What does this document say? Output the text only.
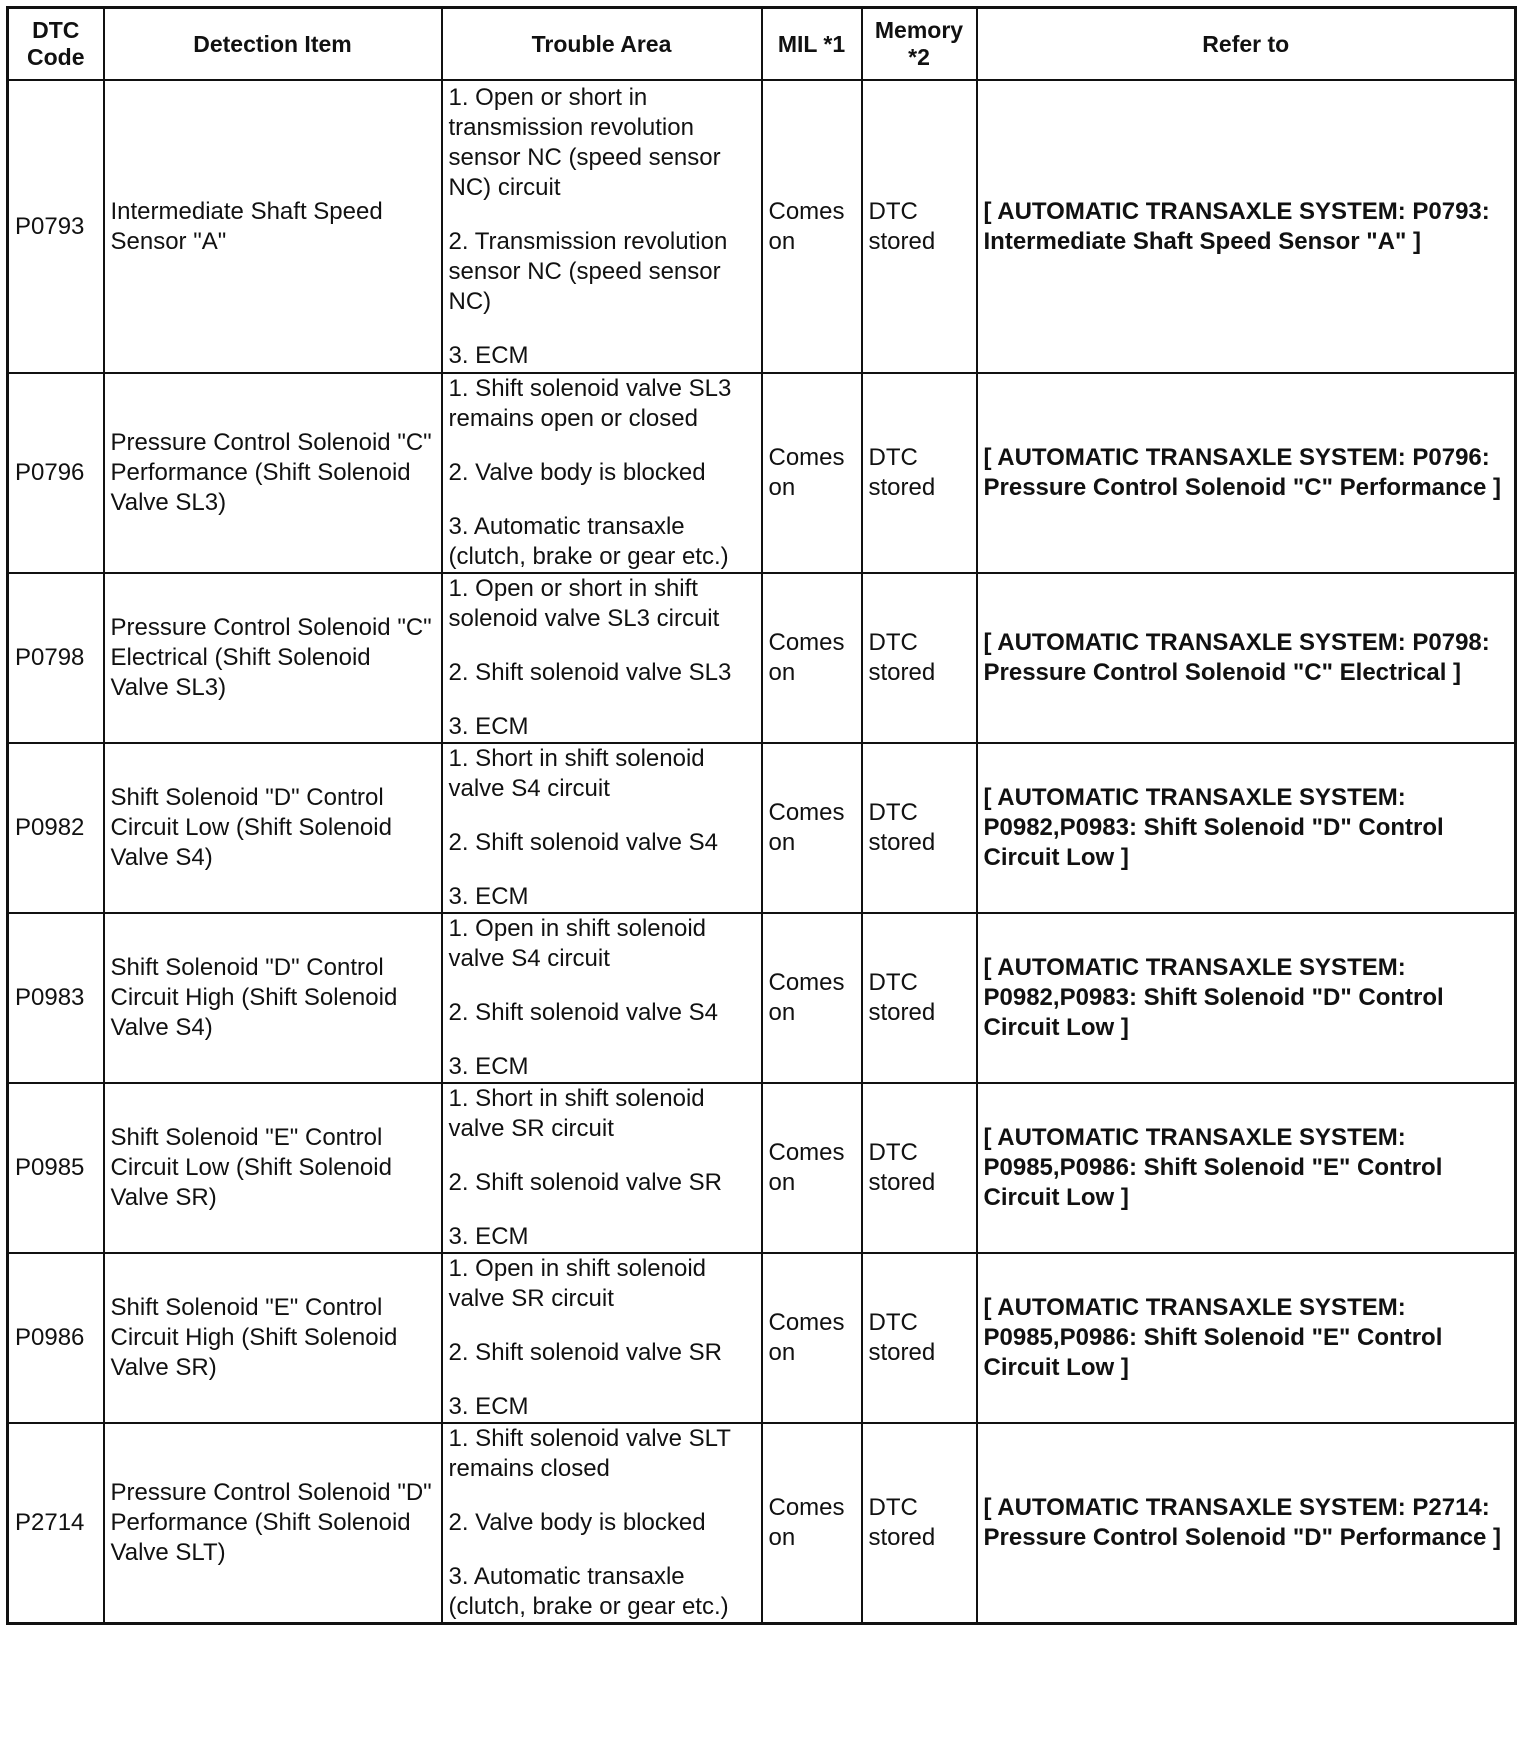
DTC Code	Detection Item	Trouble Area	MIL *1	Memory *2	Refer to
P0793	Intermediate Shaft Speed Sensor "A"	1. Open or short in transmission revolution sensor NC (speed sensor NC) circuit

2. Transmission revolution sensor NC (speed sensor NC)

3. ECM	Comes on	DTC stored	[ AUTOMATIC TRANSAXLE SYSTEM: P0793: Intermediate Shaft Speed Sensor "A" ]
P0796	Pressure Control Solenoid "C" Performance (Shift Solenoid Valve SL3)	1. Shift solenoid valve SL3 remains open or closed

2. Valve body is blocked

3. Automatic transaxle (clutch, brake or gear etc.)	Comes on	DTC stored	[ AUTOMATIC TRANSAXLE SYSTEM: P0796: Pressure Control Solenoid "C" Performance ]
P0798	Pressure Control Solenoid "C" Electrical (Shift Solenoid Valve SL3)	1. Open or short in shift solenoid valve SL3 circuit

2. Shift solenoid valve SL3

3. ECM	Comes on	DTC stored	[ AUTOMATIC TRANSAXLE SYSTEM: P0798: Pressure Control Solenoid "C" Electrical ]
P0982	Shift Solenoid "D" Control Circuit Low (Shift Solenoid Valve S4)	1. Short in shift solenoid valve S4 circuit

2. Shift solenoid valve S4

3. ECM	Comes on	DTC stored	[ AUTOMATIC TRANSAXLE SYSTEM: P0982,P0983: Shift Solenoid "D" Control Circuit Low ]
P0983	Shift Solenoid "D" Control Circuit High (Shift Solenoid Valve S4)	1. Open in shift solenoid valve S4 circuit

2. Shift solenoid valve S4

3. ECM	Comes on	DTC stored	[ AUTOMATIC TRANSAXLE SYSTEM: P0982,P0983: Shift Solenoid "D" Control Circuit Low ]
P0985	Shift Solenoid "E" Control Circuit Low (Shift Solenoid Valve SR)	1. Short in shift solenoid valve SR circuit

2. Shift solenoid valve SR

3. ECM	Comes on	DTC stored	[ AUTOMATIC TRANSAXLE SYSTEM: P0985,P0986: Shift Solenoid "E" Control Circuit Low ]
P0986	Shift Solenoid "E" Control Circuit High (Shift Solenoid Valve SR)	1. Open in shift solenoid valve SR circuit

2. Shift solenoid valve SR

3. ECM	Comes on	DTC stored	[ AUTOMATIC TRANSAXLE SYSTEM: P0985,P0986: Shift Solenoid "E" Control Circuit Low ]
P2714	Pressure Control Solenoid "D" Performance (Shift Solenoid Valve SLT)	1. Shift solenoid valve SLT remains closed

2. Valve body is blocked

3. Automatic transaxle (clutch, brake or gear etc.)	Comes on	DTC stored	[ AUTOMATIC TRANSAXLE SYSTEM: P2714: Pressure Control Solenoid "D" Performance ]
